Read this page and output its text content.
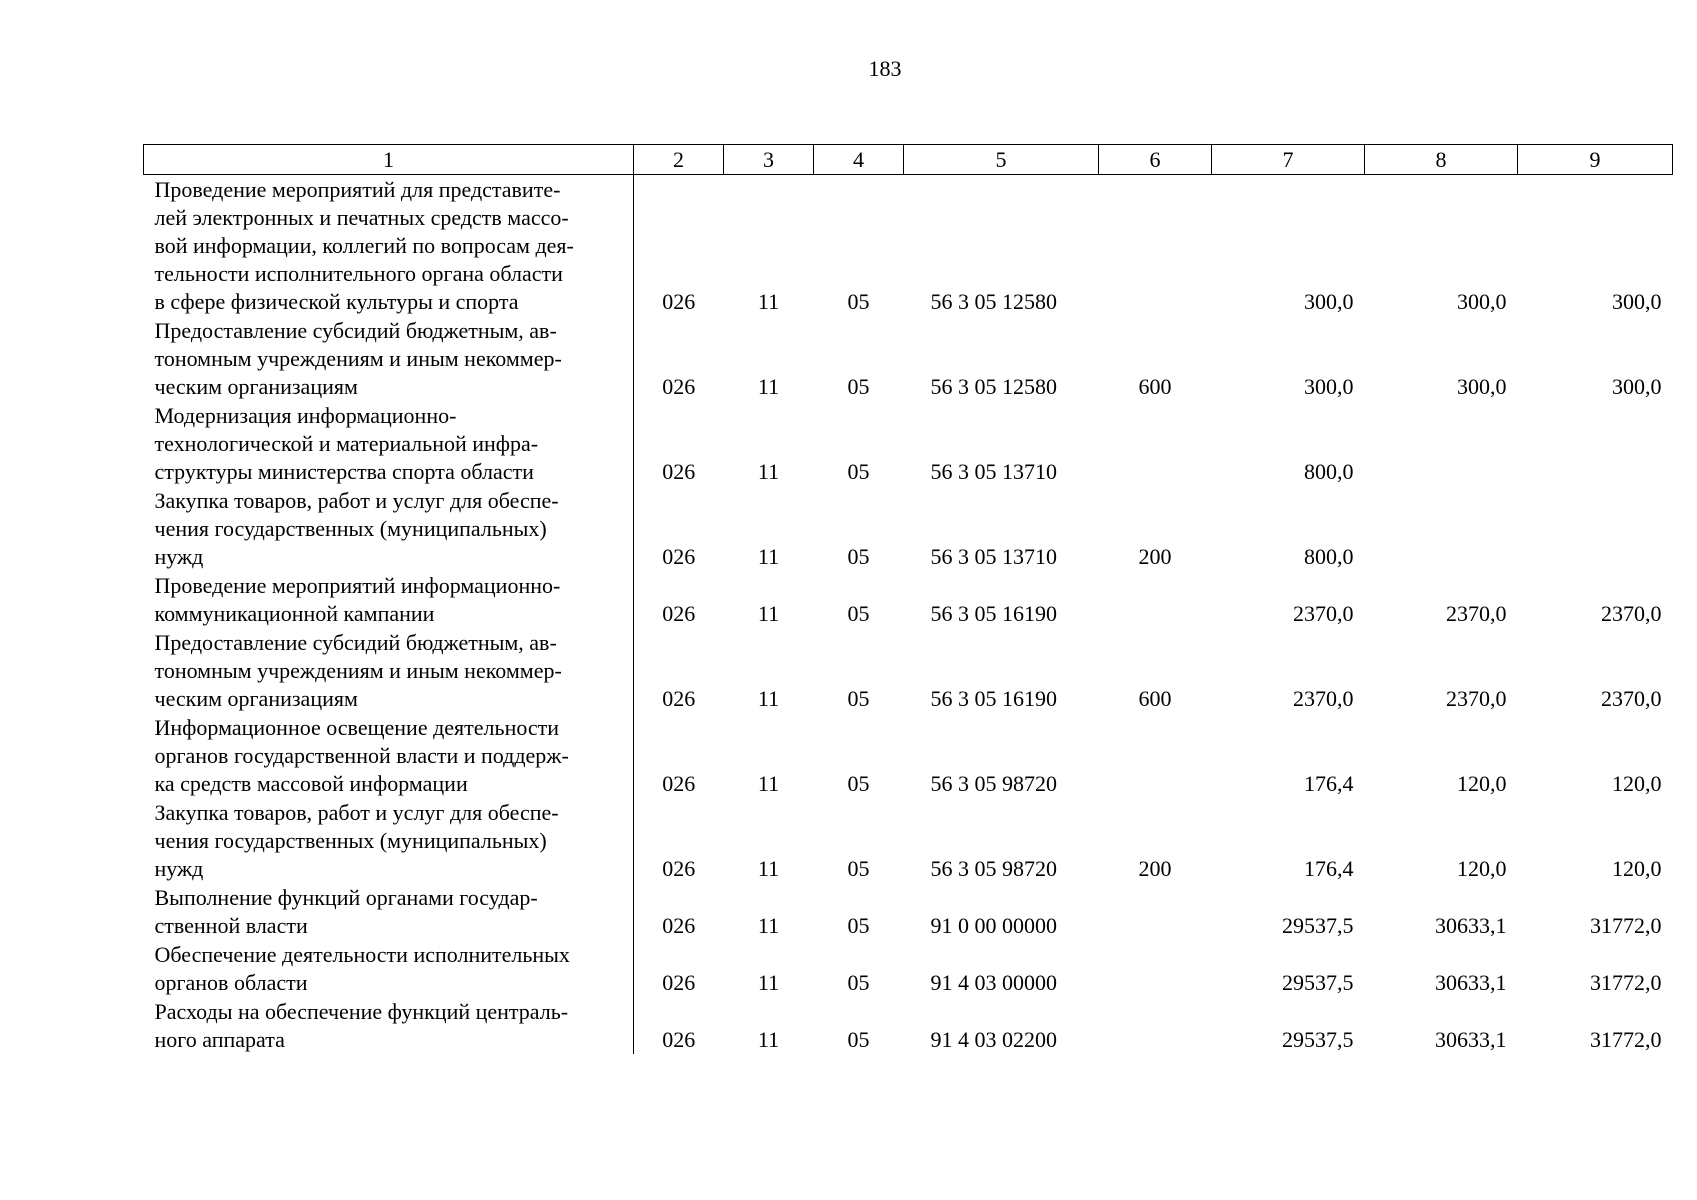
183
1	2	3	4	5	6	7	8	9

Проведение мероприятий для представите-
лей электронных и печатных средств массо-
вой информации, коллегий по вопросам дея-
тельности исполнительного органа области
в сфере физической культуры и спорта	026	11	05	56 3 05 12580		300,0	300,0	300,0

Предоставление субсидий бюджетным, ав-
тономным учреждениям и иным некоммер-
ческим организациям	026	11	05	56 3 05 12580	600	300,0	300,0	300,0

Модернизация информационно-
технологической и материальной инфра-
структуры министерства спорта области	026	11	05	56 3 05 13710		800,0		

Закупка товаров, работ и услуг для обеспе-
чения государственных (муниципальных)
нужд	026	11	05	56 3 05 13710	200	800,0		

Проведение мероприятий информационно-
коммуникационной кампании	026	11	05	56 3 05 16190		2370,0	2370,0	2370,0

Предоставление субсидий бюджетным, ав-
тономным учреждениям и иным некоммер-
ческим организациям	026	11	05	56 3 05 16190	600	2370,0	2370,0	2370,0

Информационное освещение деятельности
органов государственной власти и поддерж-
ка средств массовой информации	026	11	05	56 3 05 98720		176,4	120,0	120,0

Закупка товаров, работ и услуг для обеспе-
чения государственных (муниципальных)
нужд	026	11	05	56 3 05 98720	200	176,4	120,0	120,0

Выполнение функций органами государ-
ственной власти	026	11	05	91 0 00 00000		29537,5	30633,1	31772,0

Обеспечение деятельности исполнительных
органов области	026	11	05	91 4 03 00000		29537,5	30633,1	31772,0

Расходы на обеспечение функций централь-
ного аппарата	026	11	05	91 4 03 02200		29537,5	30633,1	31772,0
